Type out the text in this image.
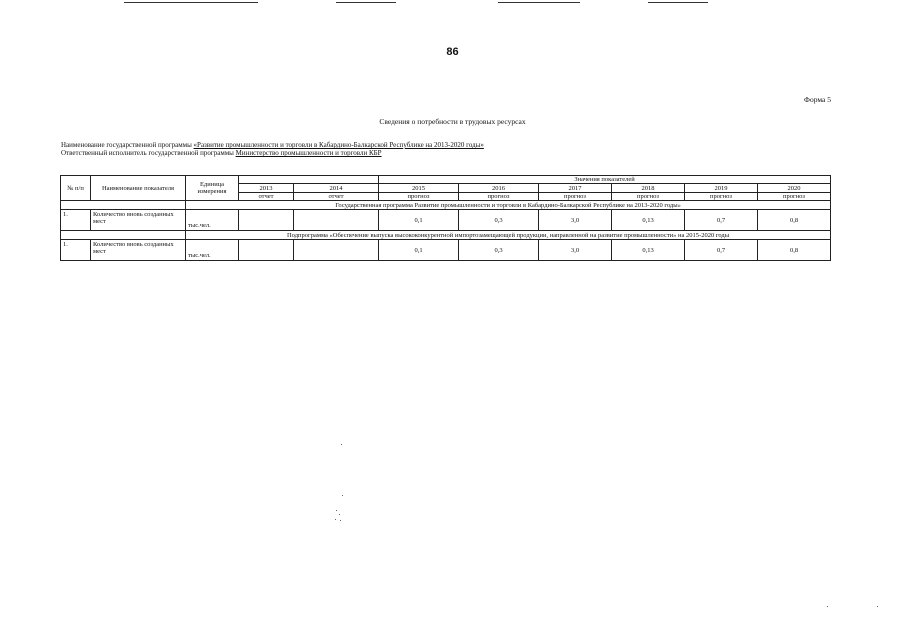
86
Форма 5
Сведения о потребности в трудовых ресурсах
Наименование государственной программы «Развитие промышленности и торговли в Кабардино-Балкарской Республике на 2013-2020 годы»
Ответственный исполнитель государственной программы Министерство промышленности и торговли КБР
№ п/п	Наименование показателя	Единица измерения			Значения показателей					
			2013	2014	2015	2016	2017	2018	2019	2020
			отчет	отчет	прогноз	прогноз	прогноз	прогноз	прогноз	прогноз
		Государственная программа Развитие промышленности и торговли в Кабардино-Балкарской Республике на 2013-2020 годы»								
1.	Количество вновь созданных мест	тыс.чел.			0,1	0,3	3,0	0,13	0,7	0,8
		Подпрограмма «Обеспечение выпуска высококонкурентной импортозамещающей продукции, направленной на развитие промышленности» на 2015-2020 годы								
1.	Количество вновь созданных мест	тыс.чел.			0,1	0,3	3,0	0,13	0,7	0,8
